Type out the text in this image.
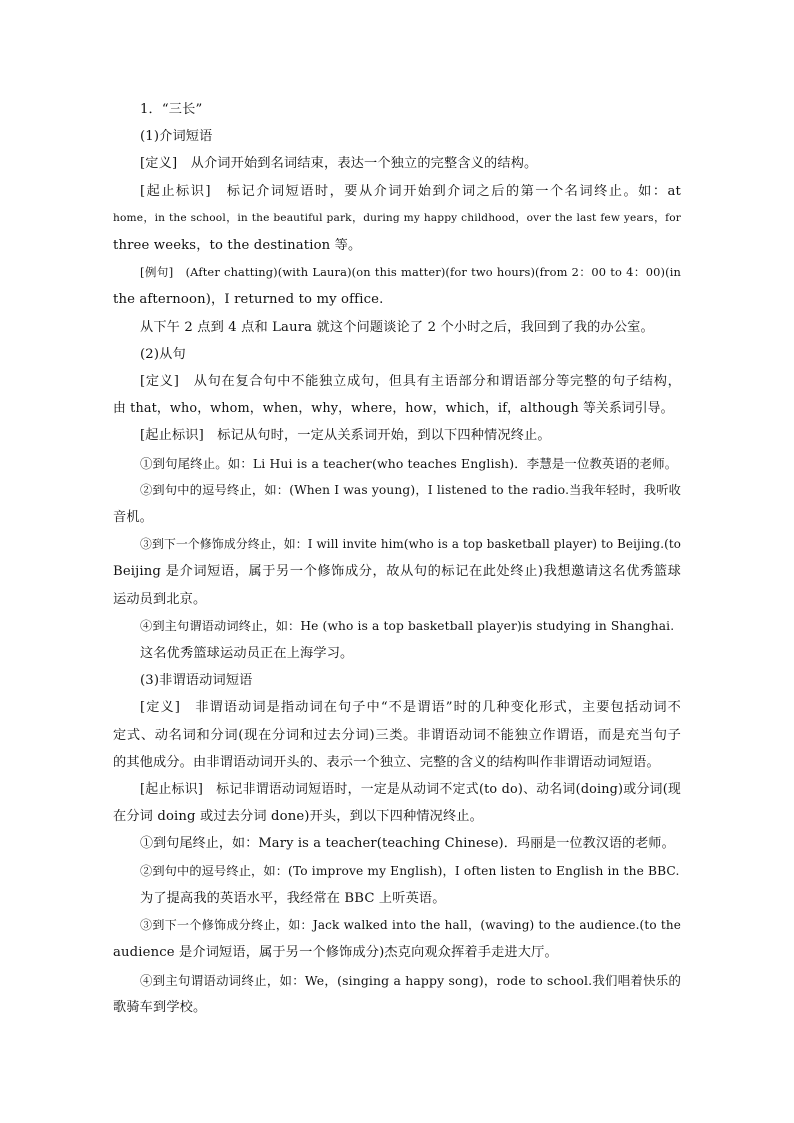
1．“三长”
(1)介词短语
[定义]　从介词开始到名词结束，表达一个独立的完整含义的结构。
[起止标识]　标记介词短语时，要从介词开始到介词之后的第一个名词终止。如：at
home，in the school，in the beautiful park，during my happy childhood，over the last few years，for
three weeks，to the destination 等。
[例句]　(After chatting)(with Laura)(on this matter)(for two hours)(from 2：00 to 4：00)(in
the afternoon)，I returned to my office.
从下午 2 点到 4 点和 Laura 就这个问题谈论了 2 个小时之后，我回到了我的办公室。
(2)从句
[定义]　从句在复合句中不能独立成句，但具有主语部分和谓语部分等完整的句子结构，
由 that，who，whom，when，why，where，how，which，if，although 等关系词引导。
[起止标识]　标记从句时，一定从关系词开始，到以下四种情况终止。
①到句尾终止。如：Li Hui is a teacher(who teaches English)．李慧是一位教英语的老师。
②到句中的逗号终止，如：(When I was young)，I listened to the radio.当我年轻时，我听收
音机。
③到下一个修饰成分终止，如：I will invite him(who is a top basketball player) to Beijing.(to
Beijing 是介词短语，属于另一个修饰成分，故从句的标记在此处终止)我想邀请这名优秀篮球
运动员到北京。
④到主句谓语动词终止，如：He (who is a top basketball player)is studying in Shanghai.
这名优秀篮球运动员正在上海学习。
(3)非谓语动词短语
[定义]　非谓语动词是指动词在句子中“不是谓语”时的几种变化形式，主要包括动词不
定式、动名词和分词(现在分词和过去分词)三类。非谓语动词不能独立作谓语，而是充当句子
的其他成分。由非谓语动词开头的、表示一个独立、完整的含义的结构叫作非谓语动词短语。
[起止标识]　标记非谓语动词短语时，一定是从动词不定式(to do)、动名词(doing)或分词(现
在分词 doing 或过去分词 done)开头，到以下四种情况终止。
①到句尾终止，如：Mary is a teacher(teaching Chinese)．玛丽是一位教汉语的老师。
②到句中的逗号终止，如：(To improve my English)，I often listen to English in the BBC.
为了提高我的英语水平，我经常在 BBC 上听英语。
③到下一个修饰成分终止，如：Jack walked into the hall，(waving) to the audience.(to the
audience 是介词短语，属于另一个修饰成分)杰克向观众挥着手走进大厅。
④到主句谓语动词终止，如：We，(singing a happy song)，rode to school.我们唱着快乐的
歌骑车到学校。
